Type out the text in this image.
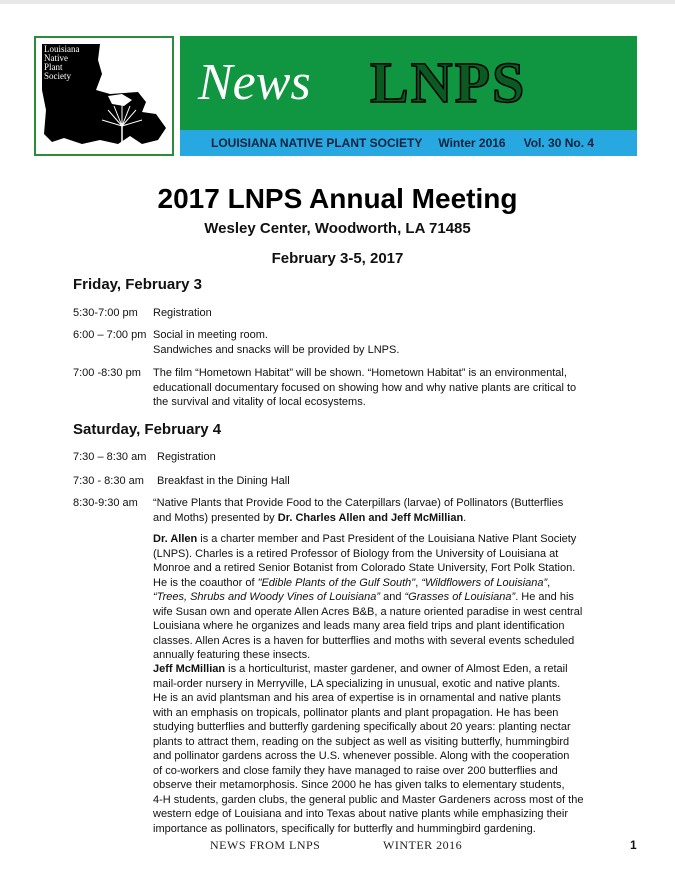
Louisiana Native Plant Society News LNPS
LOUISIANA NATIVE PLANT SOCIETY Winter 2016 Vol. 30 No. 4
2017 LNPS Annual Meeting
Wesley Center, Woodworth, LA 71485
February 3-5, 2017
Friday, February 3
5:30-7:00 pm Registration
6:00 – 7:00 pm Social in meeting room.
Sandwiches and snacks will be provided by LNPS.
7:00 -8:30 pm The film “Hometown Habitat” will be shown. “Hometown Habitat” is an environmental,
educationall documentary focused on showing how and why native plants are critical to
the survival and vitality of local ecosystems.
Saturday, February 4
7:30 – 8:30 am Registration
7:30 - 8:30 am Breakfast in the Dining Hall
8:30-9:30 am “Native Plants that Provide Food to the Caterpillars (larvae) of Pollinators (Butterflies
and Moths) presented by Dr. Charles Allen and Jeff McMillian.
Dr. Allen is a charter member and Past President of the Louisiana Native Plant Society
(LNPS). Charles is a retired Professor of Biology from the University of Louisiana at
Monroe and a retired Senior Botanist from Colorado State University, Fort Polk Station.
He is the coauthor of "Edible Plants of the Gulf South", “Wildflowers of Louisiana”,
“Trees, Shrubs and Woody Vines of Louisiana” and “Grasses of Louisiana”. He and his
wife Susan own and operate Allen Acres B&B, a nature oriented paradise in west central
Louisiana where he organizes and leads many area field trips and plant identification
classes. Allen Acres is a haven for butterflies and moths with several events scheduled
annually featuring these insects.
Jeff McMillian is a horticulturist, master gardener, and owner of Almost Eden, a retail
mail-order nursery in Merryville, LA specializing in unusual, exotic and native plants.
He is an avid plantsman and his area of expertise is in ornamental and native plants
with an emphasis on tropicals, pollinator plants and plant propagation. He has been
studying butterflies and butterfly gardening specifically about 20 years: planting nectar
plants to attract them, reading on the subject as well as visiting butterfly, hummingbird
and pollinator gardens across the U.S. whenever possible. Along with the cooperation
of co-workers and close family they have managed to raise over 200 butterflies and
observe their metamorphosis. Since 2000 he has given talks to elementary students,
4-H students, garden clubs, the general public and Master Gardeners across most of the
western edge of Louisiana and into Texas about native plants while emphasizing their
importance as pollinators, specifically for butterfly and hummingbird gardening.
NEWS FROM LNPS	WINTER 2016	1
